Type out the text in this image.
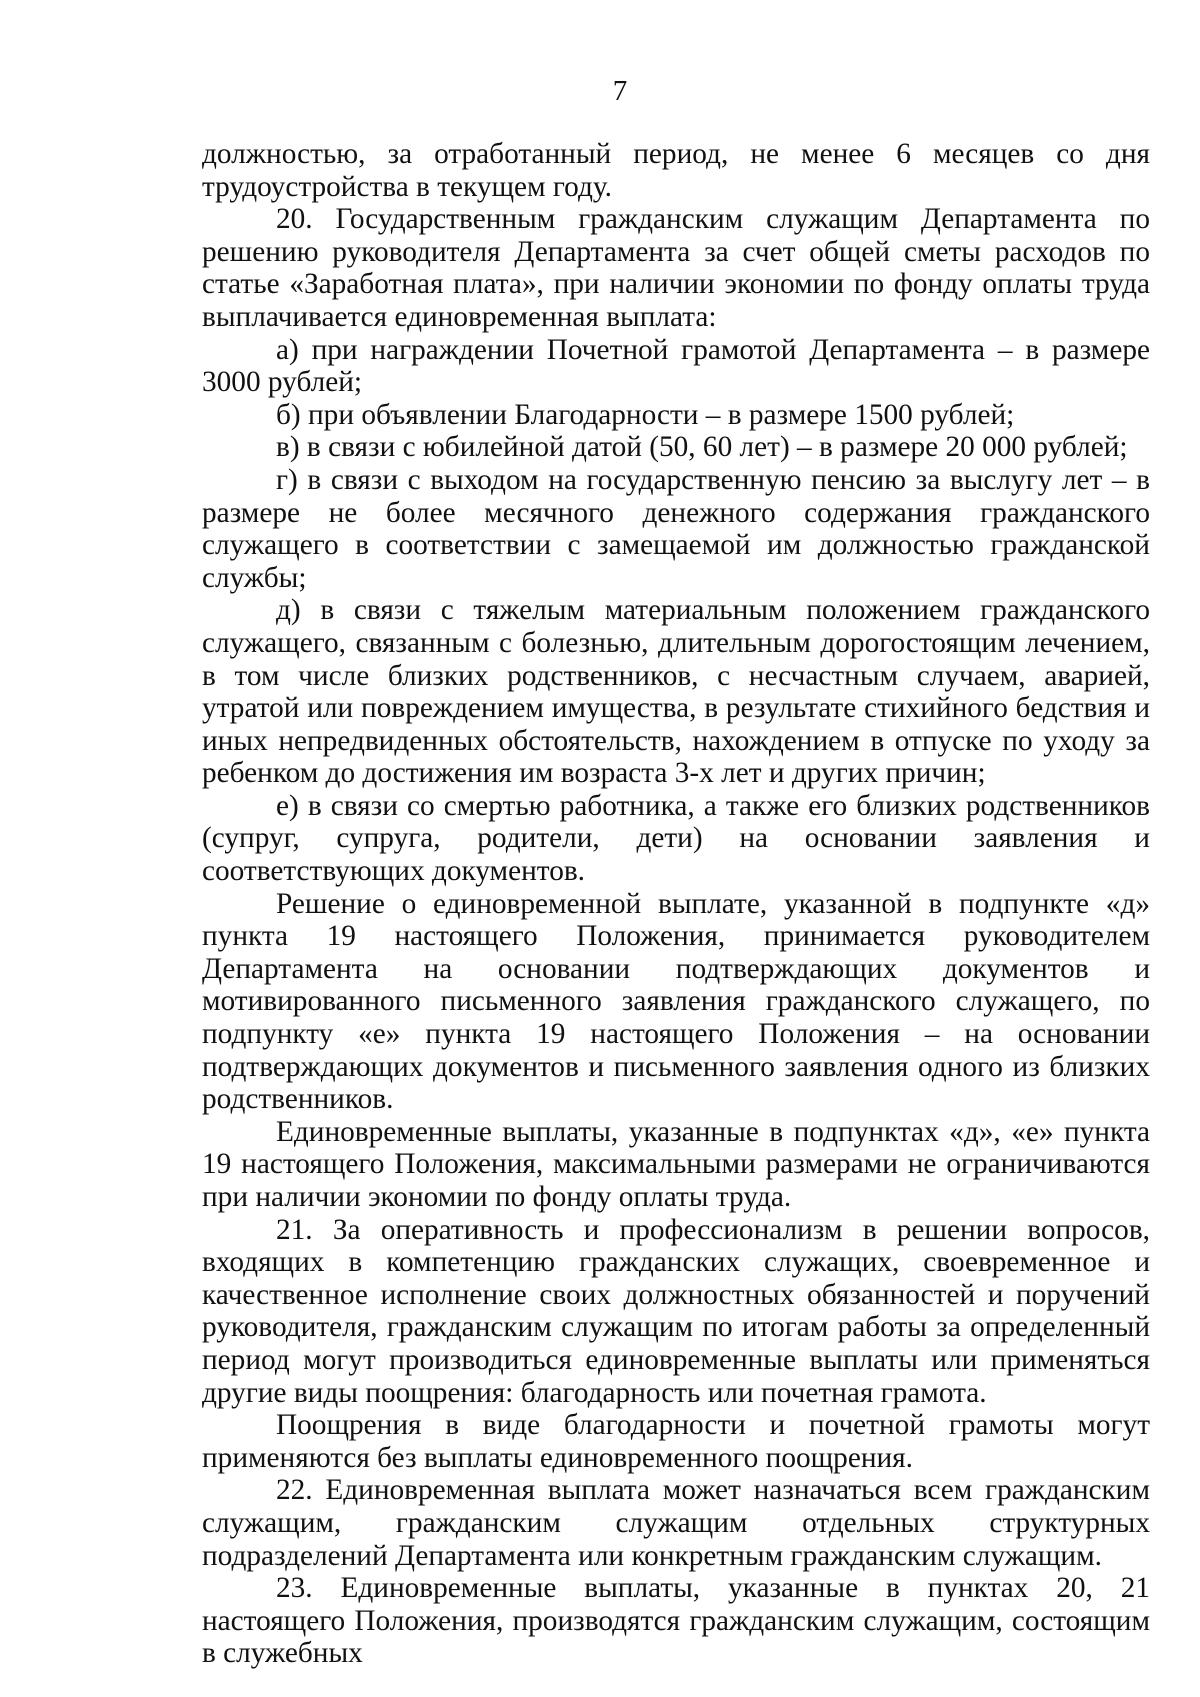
7

должностью, за отработанный период, не менее 6 месяцев со дня трудоустройства в текущем году.

20. Государственным гражданским служащим Департамента по решению руководителя Департамента за счет общей сметы расходов по статье «Заработная плата», при наличии экономии по фонду оплаты труда выплачивается единовременная выплата:

а) при награждении Почетной грамотой Департамента – в размере 3000 рублей;

б) при объявлении Благодарности – в размере 1500 рублей;

в) в связи с юбилейной датой (50, 60 лет) – в размере 20 000 рублей;

г) в связи с выходом на государственную пенсию за выслугу лет – в размере не более месячного денежного содержания гражданского служащего в соответствии с замещаемой им должностью гражданской службы;

д) в связи с тяжелым материальным положением гражданского служащего, связанным с болезнью, длительным дорогостоящим лечением, в том числе близких родственников, с несчастным случаем, аварией, утратой или повреждением имущества, в результате стихийного бедствия и иных непредвиденных обстоятельств, нахождением в отпуске по уходу за ребенком до достижения им возраста 3-х лет и других причин;

е) в связи со смертью работника, а также его близких родственников (супруг, супруга, родители, дети) на основании заявления и соответствующих документов.

Решение о единовременной выплате, указанной в подпункте «д» пункта 19 настоящего Положения, принимается руководителем Департамента на основании подтверждающих документов и мотивированного письменного заявления гражданского служащего, по подпункту «е» пункта 19 настоящего Положения – на основании подтверждающих документов и письменного заявления одного из близких родственников.

Единовременные выплаты, указанные в подпунктах «д», «е» пункта 19 настоящего Положения, максимальными размерами не ограничиваются при наличии экономии по фонду оплаты труда.

21. За оперативность и профессионализм в решении вопросов, входящих в компетенцию гражданских служащих, своевременное и качественное исполнение своих должностных обязанностей и поручений руководителя, гражданским служащим по итогам работы за определенный период могут производиться единовременные выплаты или применяться другие виды поощрения: благодарность или почетная грамота.

Поощрения в виде благодарности и почетной грамоты могут применяются без выплаты единовременного поощрения.

22. Единовременная выплата может назначаться всем гражданским служащим, гражданским служащим отдельных структурных подразделений Департамента или конкретным гражданским служащим.

23. Единовременные выплаты, указанные в пунктах 20, 21 настоящего Положения, производятся гражданским служащим, состоящим в служебных
